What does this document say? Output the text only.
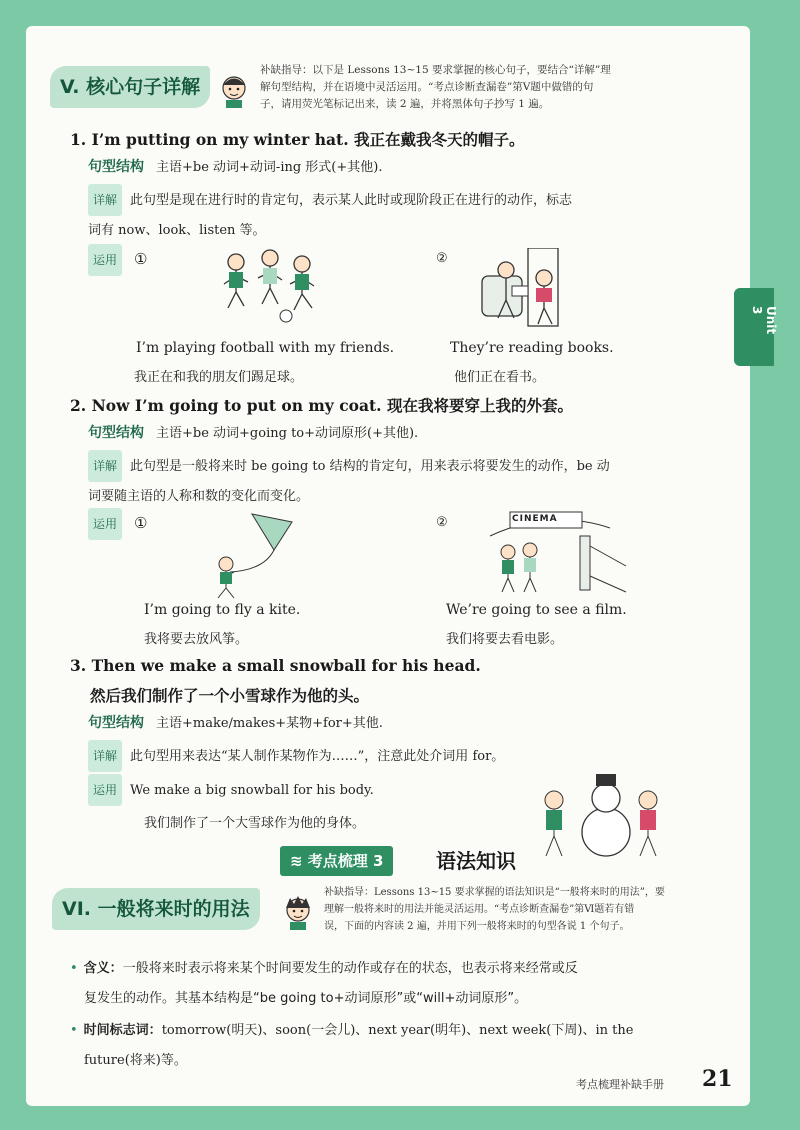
V. 核心句子详解
补缺指导：以下是 Lessons 13~15 要求掌握的核心句子，要结合“详解”理
解句型结构，并在语境中灵活运用。“考点诊断查漏卷”第Ⅴ题中做错的句
子，请用荧光笔标记出来，读 2 遍，并将黑体句子抄写 1 遍。
1. I’m putting on my winter hat. 我正在戴我冬天的帽子。
句型结构 主语+be 动词+动词-ing 形式(+其他).
详解 此句型是现在进行时的肯定句，表示某人此时或现阶段正在进行的动作，标志
词有 now、look、listen 等。
运用 ①	②
I’m playing football with my friends.
我正在和我的朋友们踢足球。
They’re reading books.
他们正在看书。
2. Now I’m going to put on my coat. 现在我将要穿上我的外套。
句型结构 主语+be 动词+going to+动词原形(+其他).
详解 此句型是一般将来时 be going to 结构的肯定句，用来表示将要发生的动作，be 动
词要随主语的人称和数的变化而变化。
运用 ①	②	CINEMA
I’m going to fly a kite.
我将要去放风筝。
We’re going to see a film.
我们将要去看电影。
3. Then we make a small snowball for his head.
然后我们制作了一个小雪球作为他的头。
句型结构 主语+make/makes+某物+for+其他.
详解 此句型用来表达“某人制作某物作为……”，注意此处介词用 for。
运用 We make a big snowball for his body.
我们制作了一个大雪球作为他的身体。
≋ 考点梳理 3	语法知识
VI. 一般将来时的用法
补缺指导：Lessons 13~15 要求掌握的语法知识是“一般将来时的用法”，要
理解一般将来时的用法并能灵活运用。“考点诊断查漏卷”第Ⅵ题若有错
误，下面的内容读 2 遍，并用下列一般将来时的句型各说 1 个句子。
• 含义：一般将来时表示将来某个时间要发生的动作或存在的状态，也表示将来经常或反
复发生的动作。其基本结构是“be going to+动词原形”或“will+动词原形”。
• 时间标志词：tomorrow(明天)、soon(一会儿)、next year(明年)、next week(下周)、in the
future(将来)等。
考点梳理补缺手册 21
Unit 3
